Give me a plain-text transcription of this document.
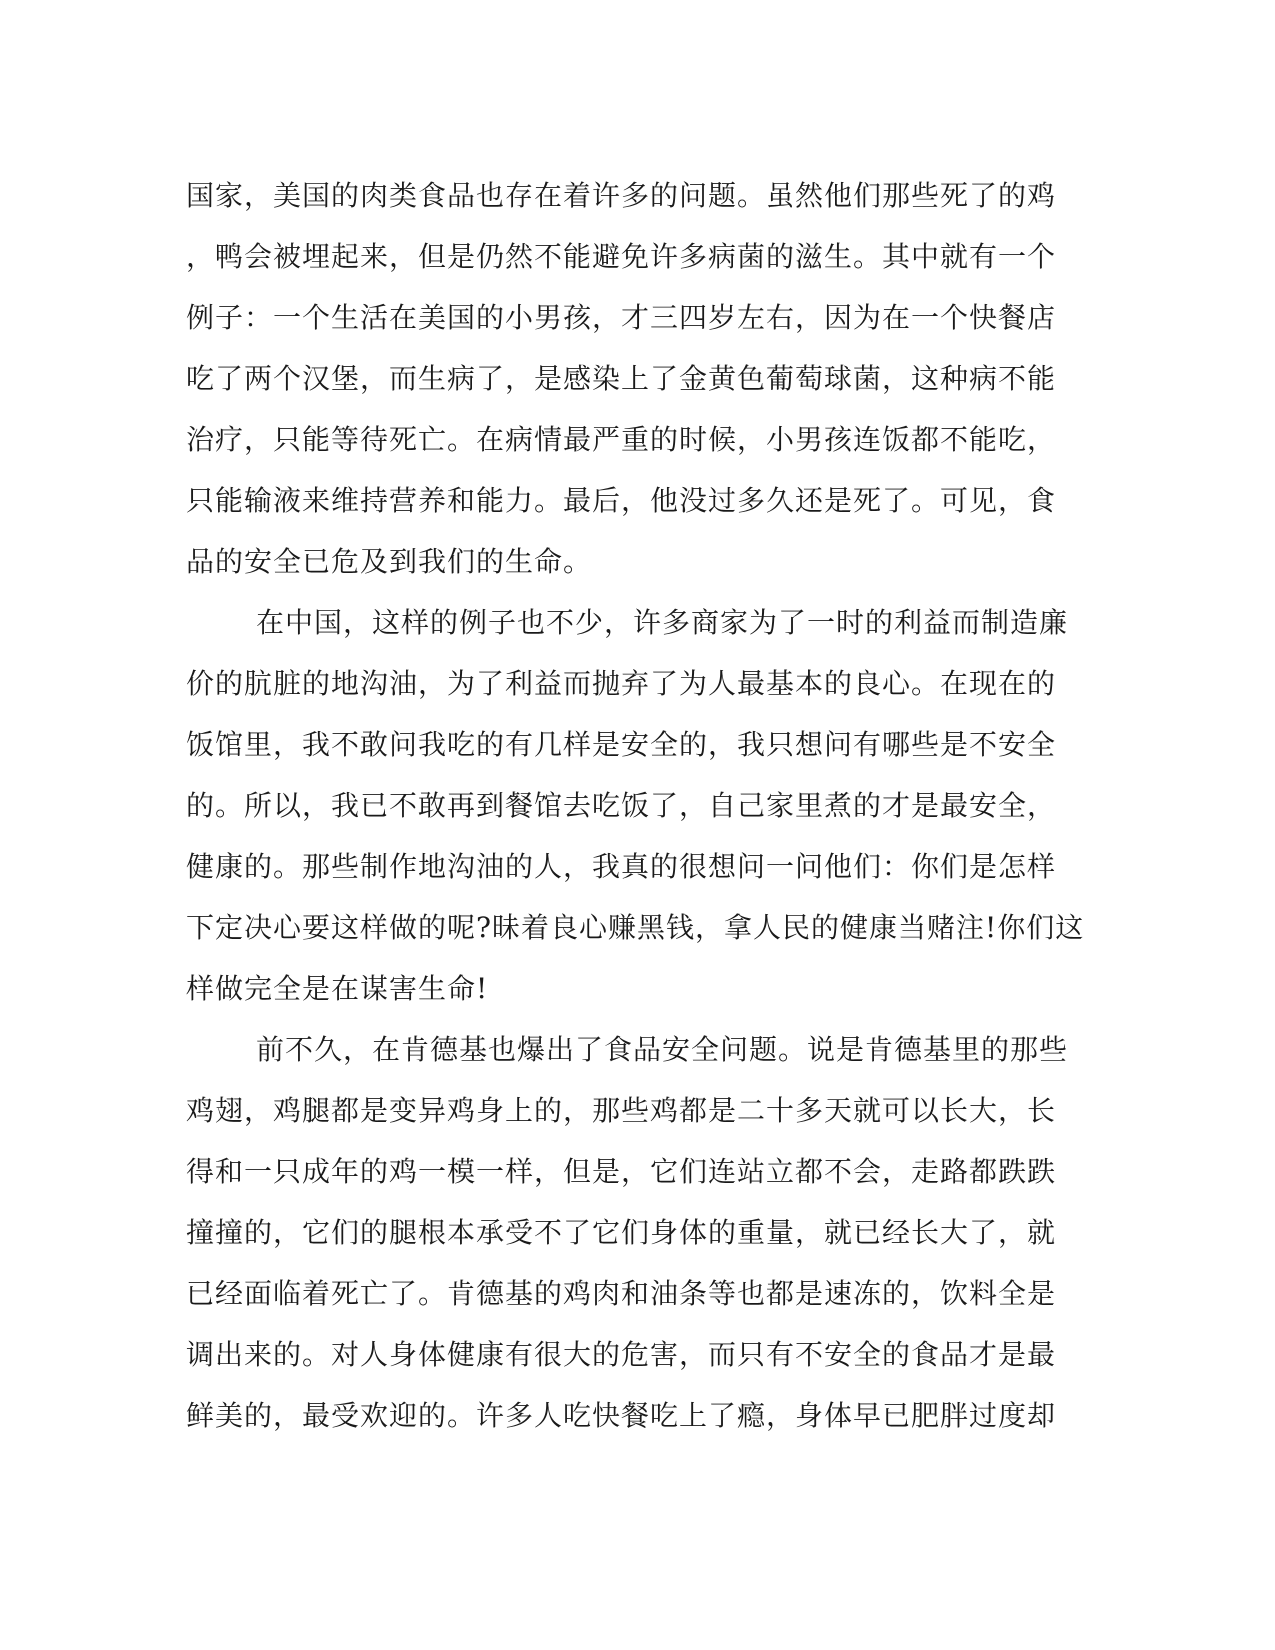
国家，美国的肉类食品也存在着许多的问题。虽然他们那些死了的鸡
，鸭会被埋起来，但是仍然不能避免许多病菌的滋生。其中就有一个
例子：一个生活在美国的小男孩，才三四岁左右，因为在一个快餐店
吃了两个汉堡，而生病了，是感染上了金黄色葡萄球菌，这种病不能
治疗，只能等待死亡。在病情最严重的时候，小男孩连饭都不能吃，
只能输液来维持营养和能力。最后，他没过多久还是死了。可见，食
品的安全已危及到我们的生命。
在中国，这样的例子也不少，许多商家为了一时的利益而制造廉
价的肮脏的地沟油，为了利益而抛弃了为人最基本的良心。在现在的
饭馆里，我不敢问我吃的有几样是安全的，我只想问有哪些是不安全
的。所以，我已不敢再到餐馆去吃饭了，自己家里煮的才是最安全，
健康的。那些制作地沟油的人，我真的很想问一问他们：你们是怎样
下定决心要这样做的呢?昧着良心赚黑钱，拿人民的健康当赌注!你们这
样做完全是在谋害生命!
前不久，在肯德基也爆出了食品安全问题。说是肯德基里的那些
鸡翅，鸡腿都是变异鸡身上的，那些鸡都是二十多天就可以长大，长
得和一只成年的鸡一模一样，但是，它们连站立都不会，走路都跌跌
撞撞的，它们的腿根本承受不了它们身体的重量，就已经长大了，就
已经面临着死亡了。肯德基的鸡肉和油条等也都是速冻的，饮料全是
调出来的。对人身体健康有很大的危害，而只有不安全的食品才是最
鲜美的，最受欢迎的。许多人吃快餐吃上了瘾，身体早已肥胖过度却
